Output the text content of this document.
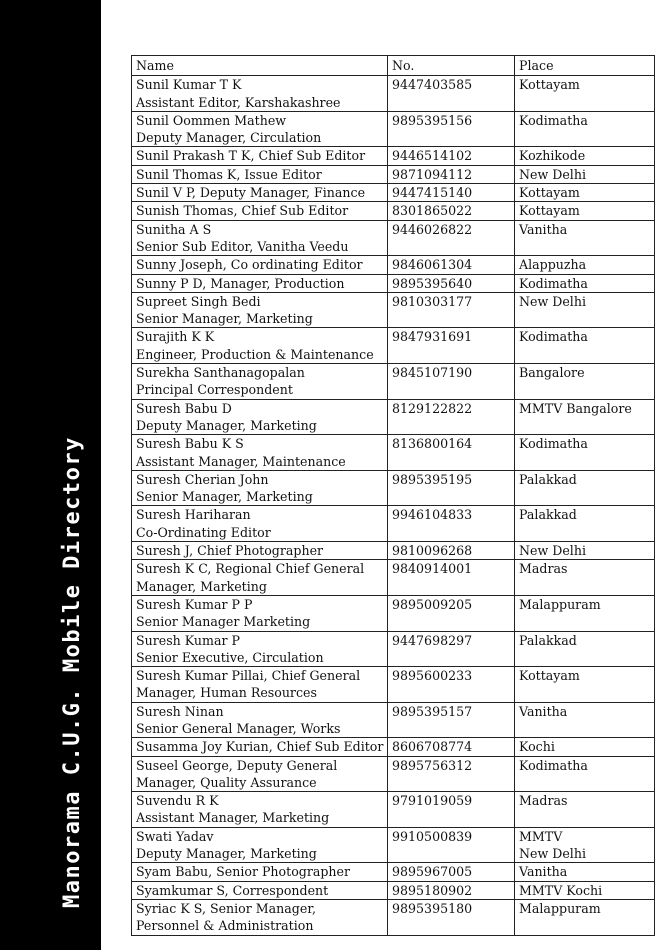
Manorama C.U.G. Mobile Directory
Name	No.	Place

Sunil Kumar T K
Assistant Editor, Karshakashree	9447403585	Kottayam

Sunil Oommen Mathew
Deputy Manager, Circulation	9895395156	Kodimatha

Sunil Prakash T K, Chief Sub Editor	9446514102	Kozhikode

Sunil Thomas K, Issue Editor	9871094112	New Delhi

Sunil V P, Deputy Manager, Finance	9447415140	Kottayam

Sunish Thomas, Chief Sub Editor	8301865022	Kottayam

Sunitha A S
Senior Sub Editor, Vanitha Veedu	9446026822	Vanitha

Sunny Joseph, Co ordinating Editor	9846061304	Alappuzha

Sunny P D, Manager, Production	9895395640	Kodimatha

Supreet Singh Bedi
Senior Manager, Marketing	9810303177	New Delhi

Surajith K K
Engineer, Production & Maintenance	9847931691	Kodimatha

Surekha Santhanagopalan
Principal Correspondent	9845107190	Bangalore

Suresh Babu D
Deputy Manager, Marketing	8129122822	MMTV Bangalore

Suresh Babu K S
Assistant Manager, Maintenance	8136800164	Kodimatha

Suresh Cherian John
Senior Manager, Marketing	9895395195	Palakkad

Suresh Hariharan
Co-Ordinating Editor	9946104833	Palakkad

Suresh J, Chief Photographer	9810096268	New Delhi

Suresh K C, Regional Chief General
Manager, Marketing	9840914001	Madras

Suresh Kumar P P
Senior Manager Marketing	9895009205	Malappuram

Suresh Kumar P
Senior Executive, Circulation	9447698297	Palakkad

Suresh Kumar Pillai, Chief General
Manager, Human Resources	9895600233	Kottayam

Suresh Ninan
Senior General Manager, Works	9895395157	Vanitha

Susamma Joy Kurian, Chief Sub Editor	8606708774	Kochi

Suseel George, Deputy General
Manager, Quality Assurance	9895756312	Kodimatha

Suvendu R K
Assistant Manager, Marketing	9791019059	Madras

Swati Yadav
Deputy Manager, Marketing	9910500839	MMTV
New Delhi

Syam Babu, Senior Photographer	9895967005	Vanitha

Syamkumar S, Correspondent	9895180902	MMTV Kochi

Syriac K S, Senior Manager,
Personnel & Administration	9895395180	Malappuram
